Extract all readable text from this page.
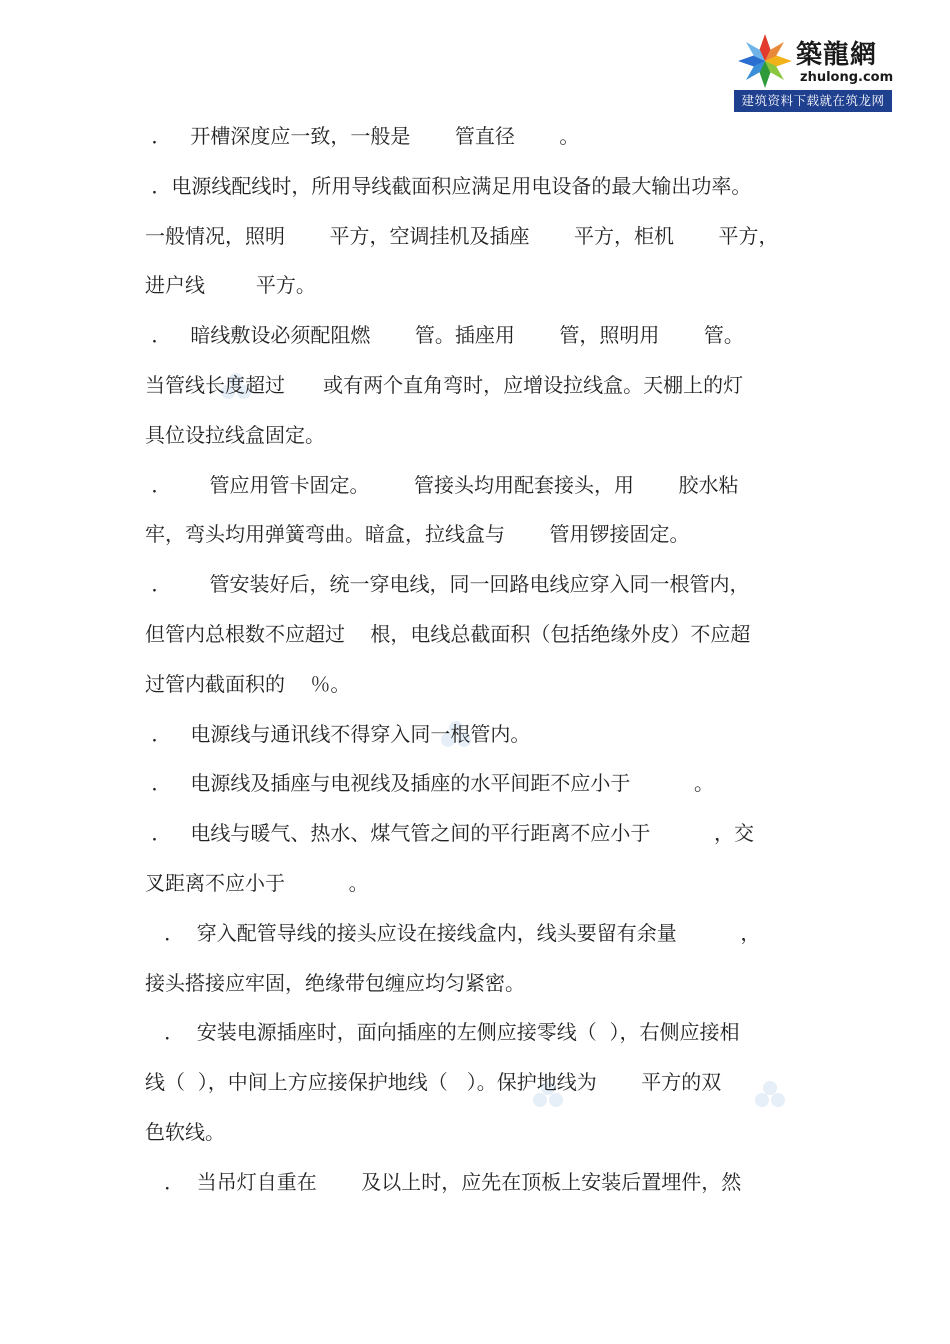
築龍網
zhulong.com
建筑资料下载就在筑龙网
．   开槽深度应一致，一般是       管直径       。
．电源线配线时，所用导线截面积应满足用电设备的最大输出功率。
一般情况，照明       平方，空调挂机及插座       平方，柜机       平方，
进户线        平方。
．   暗线敷设必须配阻燃       管。插座用       管，照明用       管。
当管线长度超过      或有两个直角弯时，应增设拉线盒。天棚上的灯
具位设拉线盒固定。
．      管应用管卡固定。       管接头均用配套接头，用       胶水粘
牢，弯头均用弹簧弯曲。暗盒，拉线盒与       管用锣接固定。
．      管安装好后，统一穿电线，同一回路电线应穿入同一根管内，
但管内总根数不应超过    根，电线总截面积（包括绝缘外皮）不应超
过管内截面积的    ％。
．   电源线与通讯线不得穿入同一根管内。
．   电源线及插座与电视线及插座的水平间距不应小于          。
．   电线与暖气、热水、煤气管之间的平行距离不应小于          ，交
叉距离不应小于          。
．  穿入配管导线的接头应设在接线盒内，线头要留有余量          ，
接头搭接应牢固，绝缘带包缠应均匀紧密。
．  安装电源插座时，面向插座的左侧应接零线（  ），右侧应接相
线（  ），中间上方应接保护地线（   ）。保护地线为       平方的双
色软线。
．  当吊灯自重在       及以上时，应先在顶板上安装后置埋件，然
